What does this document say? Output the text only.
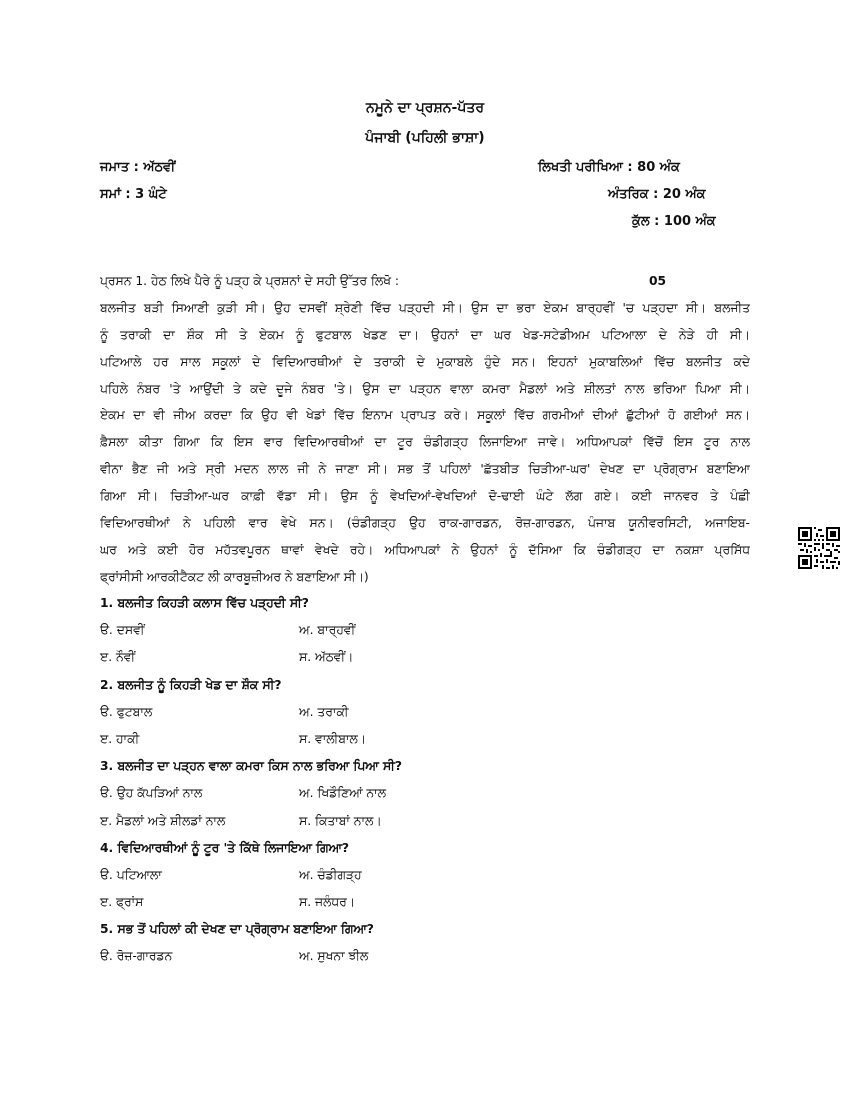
ਨਮੂਨੇ ਦਾ ਪ੍ਰਸ਼ਨ-ਪੱਤਰ
ਪੰਜਾਬੀ (ਪਹਿਲੀ ਭਾਸ਼ਾ)
ਜਮਾਤ : ਅੱਠਵੀਂ
ਸਮਾਂ : 3 ਘੰਟੇ
ਲਿਖਤੀ ਪਰੀਖਿਆ : 80 ਅੰਕ
ਅੰਤਰਿਕ : 20 ਅੰਕ
ਕੁੱਲ : 100 ਅੰਕ
ਪ੍ਰਸਨ 1. ਹੇਠ ਲਿਖੇ ਪੈਰੇ ਨੂੰ ਪੜ੍ਹ ਕੇ ਪ੍ਰਸ਼ਨਾਂ ਦੇ ਸਹੀ ਉੱਤਰ ਲਿਖੋ :	05
ਬਲਜੀਤ ਬੜੀ ਸਿਆਣੀ ਕੁੜੀ ਸੀ। ਉਹ ਦਸਵੀਂ ਸ਼੍ਰੇਣੀ ਵਿੱਚ ਪੜ੍ਹਦੀ ਸੀ। ਉਸ ਦਾ ਭਰਾ ਏਕਮ ਬਾਰ੍ਹਵੀਂ 'ਚ ਪੜ੍ਹਦਾ ਸੀ। ਬਲਜੀਤ
ਨੂੰ ਤਰਾਕੀ ਦਾ ਸ਼ੌਕ ਸੀ ਤੇ ਏਕਮ ਨੂੰ ਫੁਟਬਾਲ ਖੇਡਣ ਦਾ। ਉਹਨਾਂ ਦਾ ਘਰ ਖੇਡ-ਸਟੇਡੀਅਮ ਪਟਿਆਲਾ ਦੇ ਨੇੜੇ ਹੀ ਸੀ।
ਪਟਿਆਲੇ ਹਰ ਸਾਲ ਸਕੂਲਾਂ ਦੇ ਵਿਦਿਆਰਥੀਆਂ ਦੇ ਤਰਾਕੀ ਦੇ ਮੁਕਾਬਲੇ ਹੁੰਦੇ ਸਨ। ਇਹਨਾਂ ਮੁਕਾਬਲਿਆਂ ਵਿੱਚ ਬਲਜੀਤ ਕਦੇ
ਪਹਿਲੇ ਨੰਬਰ 'ਤੇ ਆਉਂਦੀ ਤੇ ਕਦੇ ਦੂਜੇ ਨੰਬਰ 'ਤੇ। ਉਸ ਦਾ ਪੜ੍ਹਨ ਵਾਲਾ ਕਮਰਾ ਮੈਡਲਾਂ ਅਤੇ ਸ਼ੀਲਤਾਂ ਨਾਲ ਭਰਿਆ ਪਿਆ ਸੀ।
ਏਕਮ ਦਾ ਵੀ ਜੀਅ ਕਰਦਾ ਕਿ ਉਹ ਵੀ ਖੇਡਾਂ ਵਿੱਚ ਇਨਾਮ ਪ੍ਰਾਪਤ ਕਰੇ। ਸਕੂਲਾਂ ਵਿੱਚ ਗਰਮੀਆਂ ਦੀਆਂ ਛੁੱਟੀਆਂ ਹੋ ਗਈਆਂ ਸਨ।
ਫ਼ੈਸਲਾ ਕੀਤਾ ਗਿਆ ਕਿ ਇਸ ਵਾਰ ਵਿਦਿਆਰਥੀਆਂ ਦਾ ਟੂਰ ਚੰਡੀਗੜ੍ਹ ਲਿਜਾਇਆ ਜਾਵੇ। ਅਧਿਆਪਕਾਂ ਵਿੱਚੋਂ ਇਸ ਟੂਰ ਨਾਲ
ਵੀਨਾ ਭੈਣ ਜੀ ਅਤੇ ਸ੍ਰੀ ਮਦਨ ਲਾਲ ਜੀ ਨੇ ਜਾਣਾ ਸੀ। ਸਭ ਤੋਂ ਪਹਿਲਾਂ 'ਛੱਤਬੀੜ ਚਿੜੀਆ-ਘਰ' ਦੇਖਣ ਦਾ ਪ੍ਰੋਗ੍ਰਾਮ ਬਣਾਇਆ
ਗਿਆ ਸੀ। ਚਿੜੀਆ-ਘਰ ਕਾਫ਼ੀ ਵੱਡਾ ਸੀ। ਉਸ ਨੂੰ ਵੇਖਦਿਆਂ-ਵੇਖਦਿਆਂ ਦੋ-ਢਾਈ ਘੰਟੇ ਲੱਗ ਗਏ। ਕਈ ਜਾਨਵਰ ਤੇ ਪੰਛੀ
ਵਿਦਿਆਰਥੀਆਂ ਨੇ ਪਹਿਲੀ ਵਾਰ ਵੇਖੇ ਸਨ। (ਚੰਡੀਗੜ੍ਹ ਉਹ ਰਾਕ-ਗਾਰਡਨ, ਰੋਜ਼-ਗਾਰਡਨ, ਪੰਜਾਬ ਯੂਨੀਵਰਸਿਟੀ, ਅਜਾਇਬ-
ਘਰ ਅਤੇ ਕਈ ਹੋਰ ਮਹੱਤਵਪੂਰਨ ਥਾਵਾਂ ਵੇਖਦੇ ਰਹੇ। ਅਧਿਆਪਕਾਂ ਨੇ ਉਹਨਾਂ ਨੂੰ ਦੱਸਿਆ ਕਿ ਚੰਡੀਗੜ੍ਹ ਦਾ ਨਕਸ਼ਾ ਪ੍ਰਸਿੱਧ
ਫ੍ਰਾਂਸੀਸੀ ਆਰਕੀਟੈਕਟ ਲੀ ਕਾਰਬੂਜ਼ੀਅਰ ਨੇ ਬਣਾਇਆ ਸੀ।)
1. ਬਲਜੀਤ ਕਿਹੜੀ ਕਲਾਸ ਵਿੱਚ ਪੜ੍ਹਦੀ ਸੀ?
ੳ. ਦਸਵੀਂ	ਅ. ਬਾਰ੍ਹਵੀਂ
ੲ. ਨੌਵੀਂ	ਸ. ਅੱਠਵੀਂ।
2. ਬਲਜੀਤ ਨੂੰ ਕਿਹੜੀ ਖੇਡ ਦਾ ਸ਼ੌਕ ਸੀ?
ੳ. ਫੁਟਬਾਲ	ਅ. ਤਰਾਕੀ
ੲ. ਹਾਕੀ	ਸ. ਵਾਲੀਬਾਲ।
3. ਬਲਜੀਤ ਦਾ ਪੜ੍ਹਨ ਵਾਲਾ ਕਮਰਾ ਕਿਸ ਨਾਲ ਭਰਿਆ ਪਿਆ ਸੀ?
ੳ. ਉਹ ਕੱਪੜਿਆਂ ਨਾਲ	ਅ. ਖਿਡੌਣਿਆਂ ਨਾਲ
ੲ. ਮੈਡਲਾਂ ਅਤੇ ਸ਼ੀਲਡਾਂ ਨਾਲ	ਸ. ਕਿਤਾਬਾਂ ਨਾਲ।
4. ਵਿਦਿਆਰਥੀਆਂ ਨੂੰ ਟੂਰ 'ਤੇ ਕਿੱਥੇ ਲਿਜਾਇਆ ਗਿਆ?
ੳ. ਪਟਿਆਲਾ	ਅ. ਚੰਡੀਗੜ੍ਹ
ੲ. ਫ੍ਰਾਂਸ	ਸ. ਜਲੰਧਰ।
5. ਸਭ ਤੋਂ ਪਹਿਲਾਂ ਕੀ ਦੇਖਣ ਦਾ ਪ੍ਰੋਗ੍ਰਾਮ ਬਣਾਇਆ ਗਿਆ?
ੳ. ਰੋਜ਼-ਗਾਰਡਨ	ਅ. ਸੁਖਨਾ ਝੀਲ
